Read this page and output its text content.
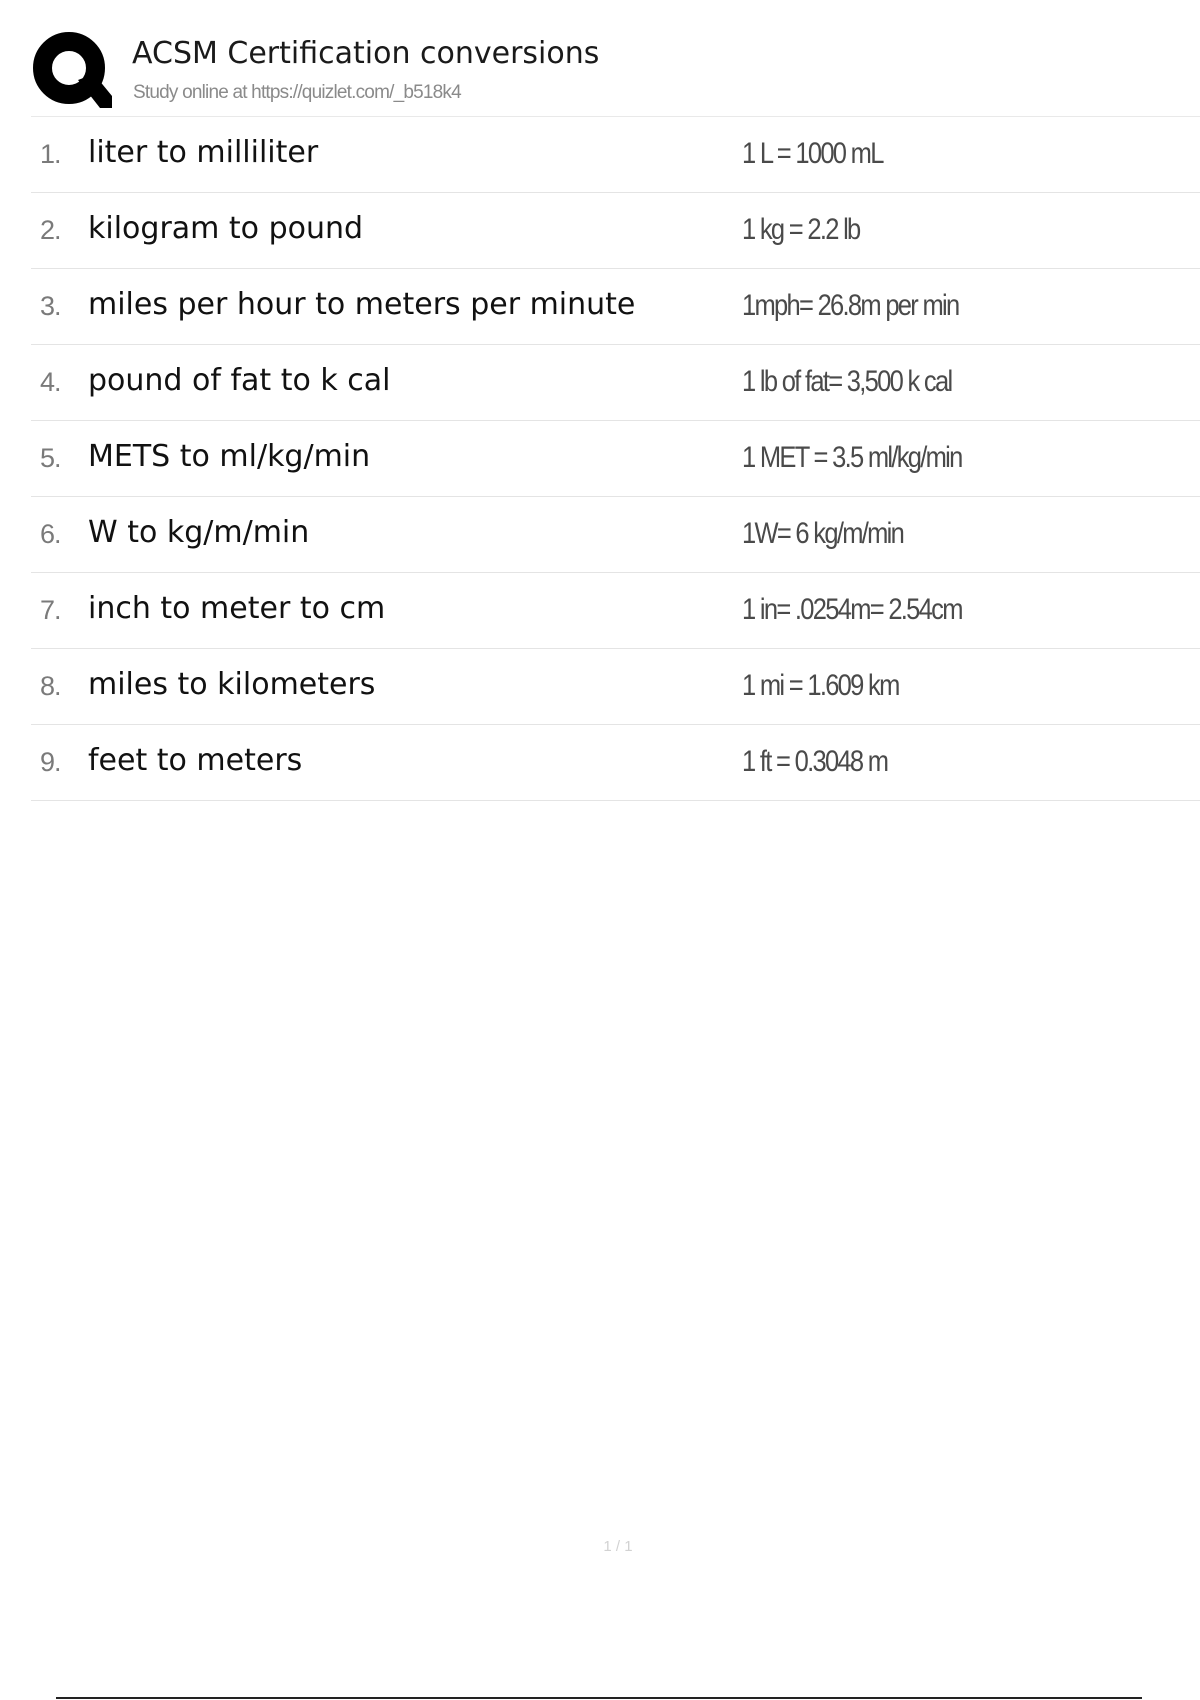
ACSM Certification conversions
Study online at https://quizlet.com/_b518k4
1. liter to milliliter	1 L = 1000 mL
2. kilogram to pound	1 kg = 2.2 lb
3. miles per hour to meters per minute	1mph= 26.8m per min
4. pound of fat to k cal	1 lb of fat= 3,500 k cal
5. METS to ml/kg/min	1 MET = 3.5 ml/kg/min
6. W to kg/m/min	1W= 6 kg/m/min
7. inch to meter to cm	1 in= .0254m= 2.54cm
8. miles to kilometers	1 mi = 1.609 km
9. feet to meters	1 ft = 0.3048 m
1 / 1
